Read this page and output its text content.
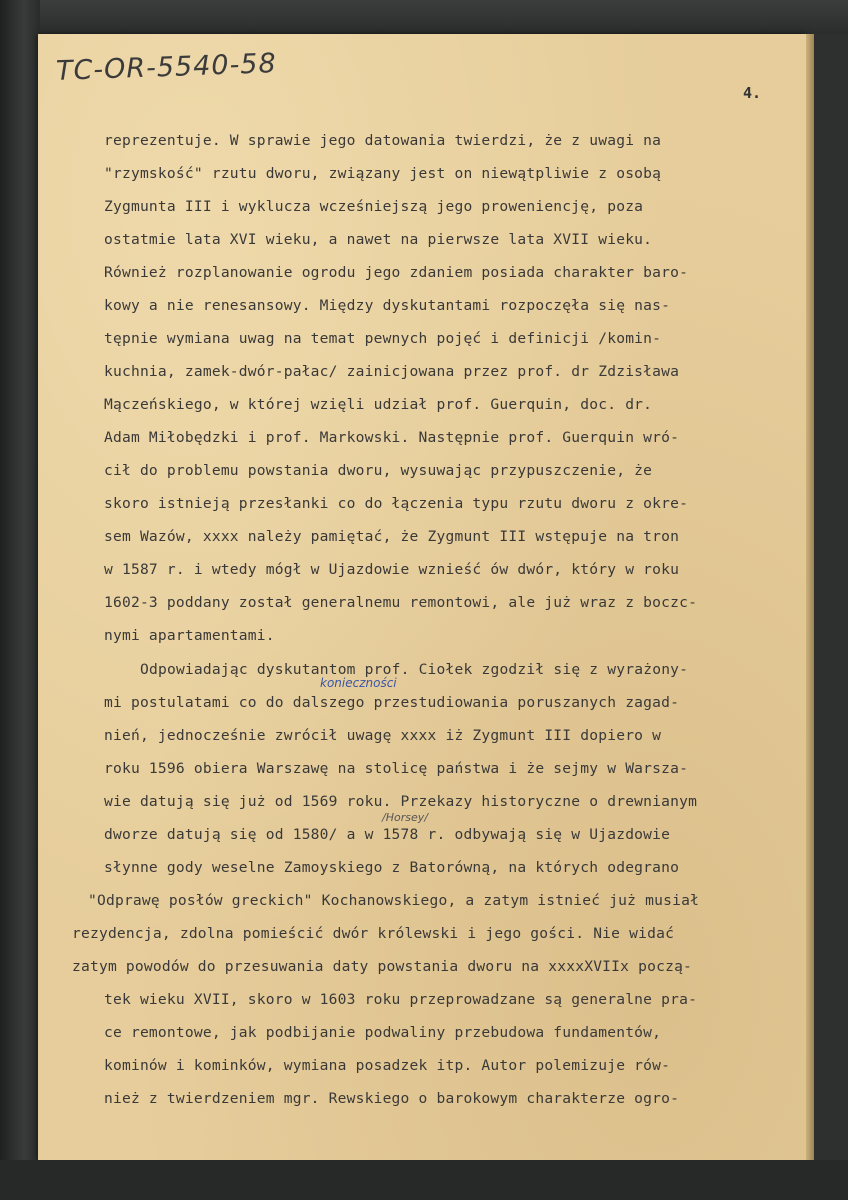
TC-OR-5540-58
4.
reprezentuje. W sprawie jego datowania twierdzi, że z uwagi na
"rzymskość" rzutu dworu, związany jest on niewątpliwie z osobą
Zygmunta III i wyklucza wcześniejszą jego proweniencję, poza
ostatmie lata XVI wieku, a nawet na pierwsze lata XVII wieku.
Również rozplanowanie ogrodu jego zdaniem posiada charakter baro-
kowy a nie renesansowy. Między dyskutantami rozpoczęła się nas-
tępnie wymiana uwag na temat pewnych pojęć i definicji /komin-
kuchnia, zamek-dwór-pałac/ zainicjowana przez prof. dr Zdzisława
Mączeńskiego, w której wzięli udział prof. Guerquin, doc. dr.
Adam Miłobędzki i prof. Markowski. Następnie prof. Guerquin wró-
cił do problemu powstania dworu, wysuwając przypuszczenie, że
skoro istnieją przesłanki co do łączenia typu rzutu dworu z okre-
sem Wazów, xxxx należy pamiętać, że Zygmunt III wstępuje na tron
w 1587 r. i wtedy mógł w Ujazdowie wznieść ów dwór, który w roku
1602-3 poddany został generalnemu remontowi, ale już wraz z boczc-
nymi apartamentami.
Odpowiadając dyskutantom prof. Ciołek zgodził się z wyrażony-
mi postulatami co do dalszego przestudiowania poruszanych zagad-
nień, jednocześnie zwrócił uwagę xxxx iż Zygmunt III dopiero w
roku 1596 obiera Warszawę na stolicę państwa i że sejmy w Warsza-
wie datują się już od 1569 roku. Przekazy historyczne o drewnianym
dworze datują się od 1580/ a w 1578 r. odbywają się w Ujazdowie
słynne gody weselne Zamoyskiego z Batorówną, na których odegrano
"Odprawę posłów greckich" Kochanowskiego, a zatym istnieć już musiał
rezydencja, zdolna pomieścić dwór królewski i jego gości. Nie widać
zatym powodów do przesuwania daty powstania dworu na xxxxXVIIx począ-
tek wieku XVII, skoro w 1603 roku przeprowadzane są generalne pra-
ce remontowe, jak podbijanie podwaliny przebudowa fundamentów,
kominów i kominków, wymiana posadzek itp. Autor polemizuje rów-
nież z twierdzeniem mgr. Rewskiego o barokowym charakterze ogro-
konieczności
/Horsey/
